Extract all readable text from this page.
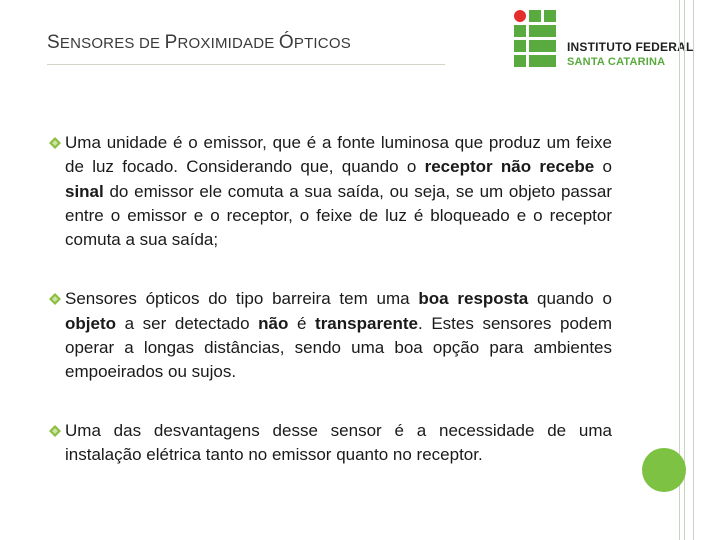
SENSORES DE PROXIMIDADE ÓPTICOS	INSTITUTO FEDERAL
SANTA CATARINA
Uma unidade é o emissor, que é a fonte luminosa que produz um feixe de luz focado. Considerando que, quando o receptor não recebe o sinal do emissor ele comuta a sua saída, ou seja, se um objeto passar entre o emissor e o receptor, o feixe de luz é bloqueado e o receptor comuta a sua saída;
Sensores ópticos do tipo barreira tem uma boa resposta quando o objeto a ser detectado não é transparente. Estes sensores podem operar a longas distâncias, sendo uma boa opção para ambientes empoeirados ou sujos.
Uma das desvantagens desse sensor é a necessidade de uma instalação elétrica tanto no emissor quanto no receptor.
